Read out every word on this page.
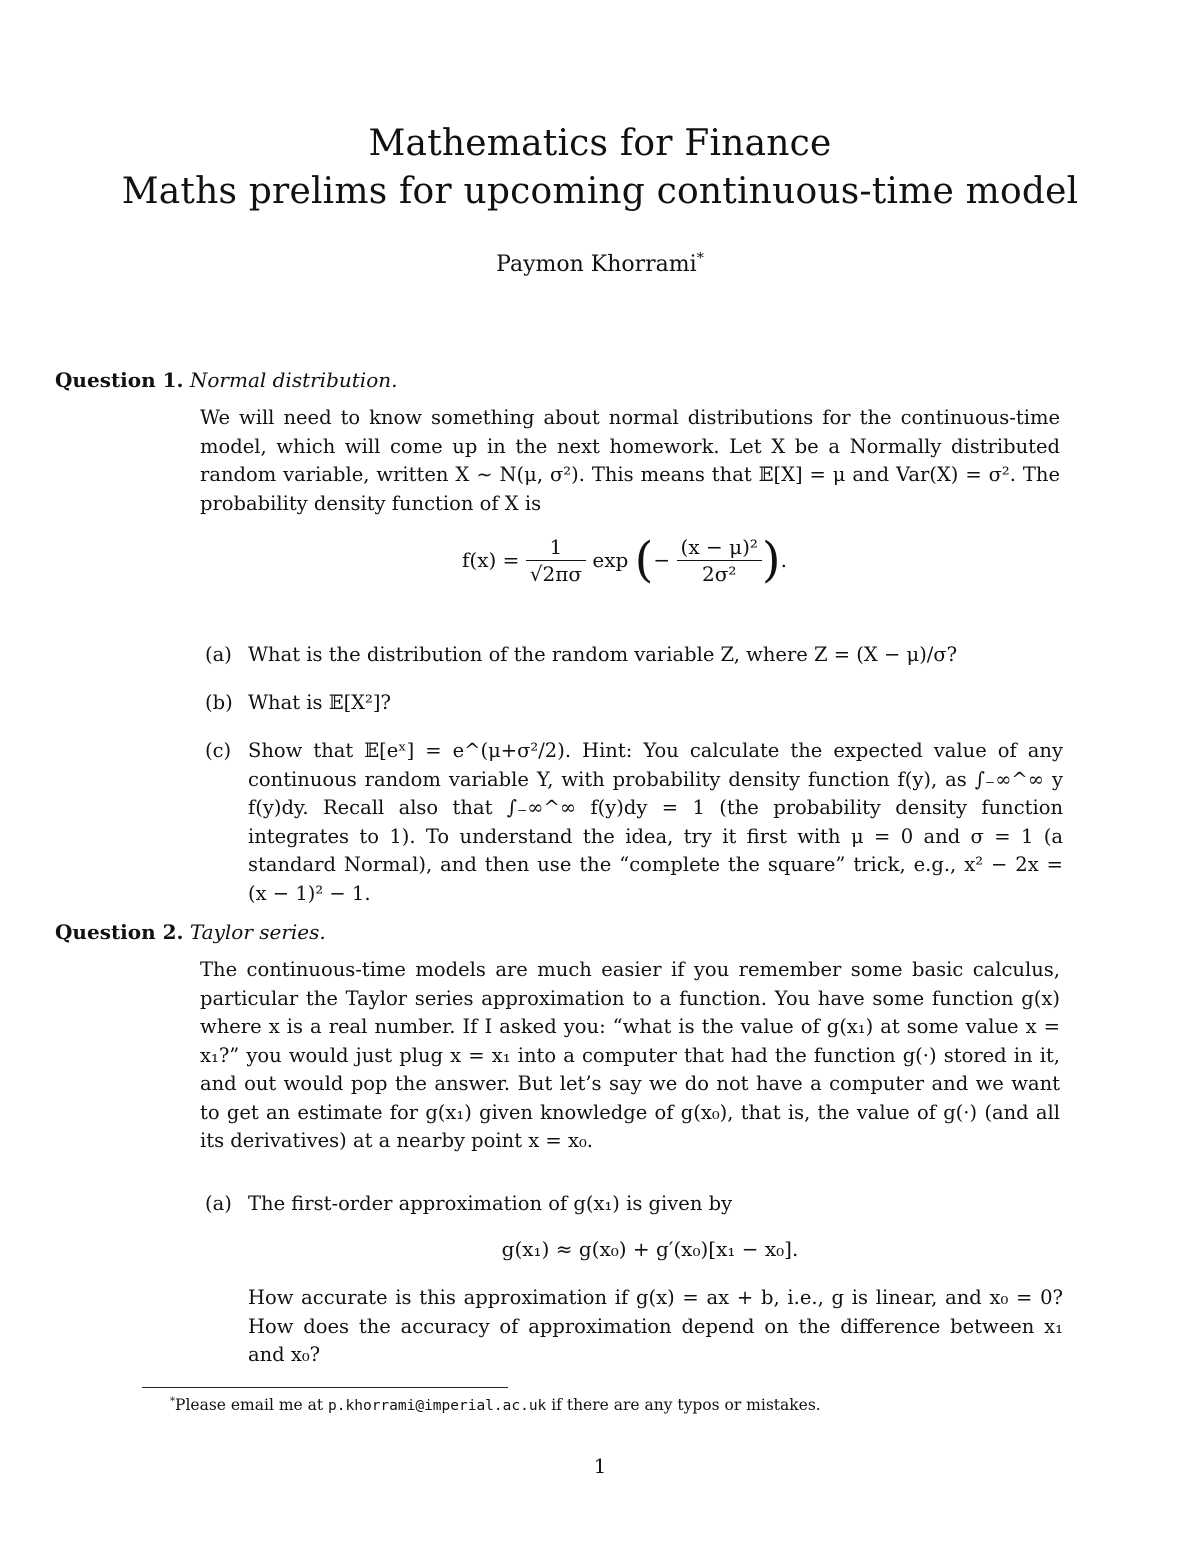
Mathematics for Finance
Maths prelims for upcoming continuous-time model
Paymon Khorrami*
Question 1. Normal distribution.
We will need to know something about normal distributions for the continuous-time model, which will come up in the next homework. Let X be a Normally distributed random variable, written X ∼ N(μ, σ²). This means that 𝔼[X] = μ and Var(X) = σ². The probability density function of X is
$f(x) = \frac{1}{√2\pi\sigma}$ exp (− $\frac{\text{(x − μ)²}}{\text{2σ²}}$ ).
(a) What is the distribution of the random variable Z, where Z = (X − μ)/σ?
(b) What is 𝔼[X²]?
(c) Show that 𝔼[eˣ] = e^(μ+σ²/2). Hint: You calculate the expected value of any continuous random variable Y, with probability density function f(y), as ∫₋∞^∞ y f(y)dy. Recall also that ∫₋∞^∞ f(y)dy = 1 (the probability density function integrates to 1). To understand the idea, try it first with μ = 0 and σ = 1 (a standard Normal), and then use the “complete the square” trick, e.g., x² − 2x = (x − 1)² − 1.
Question 2. Taylor series.
The continuous-time models are much easier if you remember some basic calculus, particular the Taylor series approximation to a function. You have some function g(x) where x is a real number. If I asked you: “what is the value of g(x₁) at some value x = x₁?” you would just plug x = x₁ into a computer that had the function g(·) stored in it, and out would pop the answer. But let’s say we do not have a computer and we want to get an estimate for g(x₁) given knowledge of g(x₀), that is, the value of g(·) (and all its derivatives) at a nearby point x = x₀.
(a) The first-order approximation of g(x₁) is given by
g(x₁) ≈ g(x₀) + g′(x₀)[x₁ − x₀].
How accurate is this approximation if g(x) = ax + b, i.e., g is linear, and x₀ = 0? How does the accuracy of approximation depend on the difference between x₁ and x₀?
*Please email me at p.khorrami@imperial.ac.uk if there are any typos or mistakes.
1
